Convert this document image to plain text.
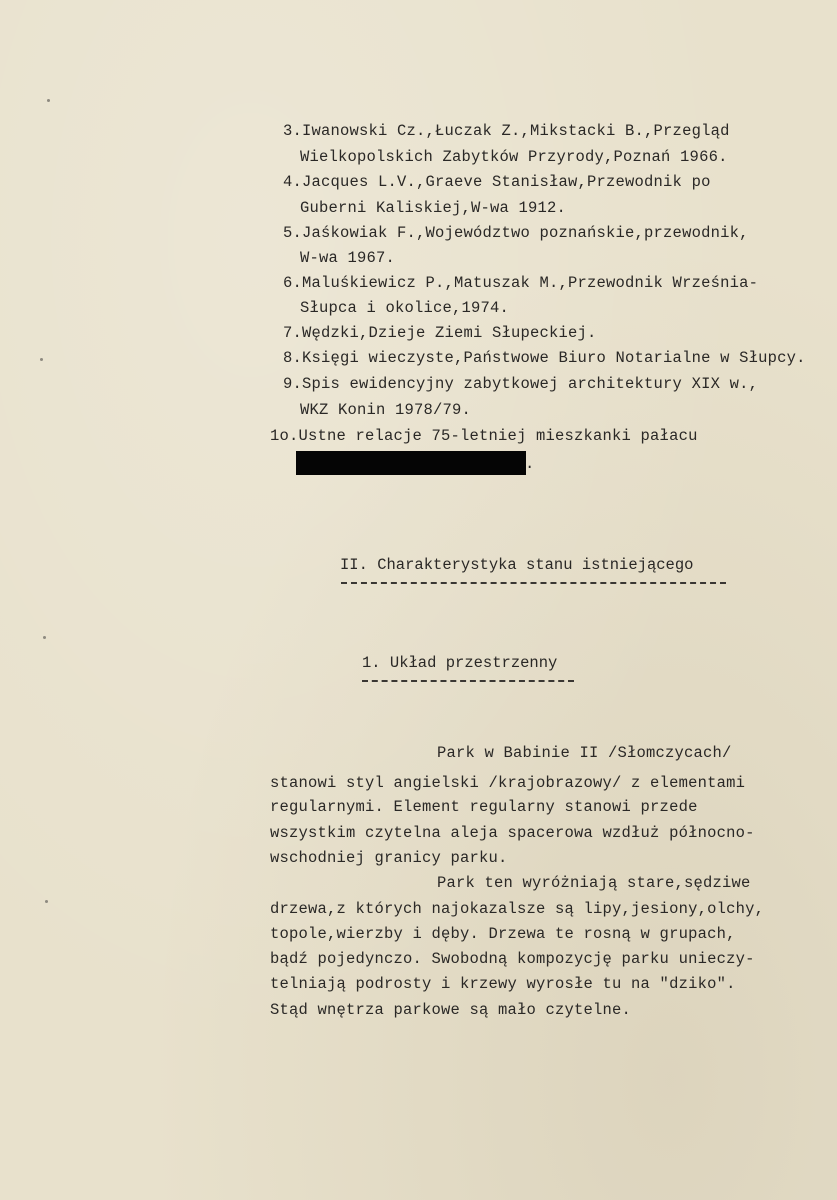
3.Iwanowski Cz.,Łuczak Z.,Mikstacki B.,Przegląd
Wielkopolskich Zabytków Przyrody,Poznań 1966.
4.Jacques L.V.,Graeve Stanisław,Przewodnik po
Guberni Kaliskiej,W-wa 1912.
5.Jaśkowiak F.,Województwo poznańskie,przewodnik,
W-wa 1967.
6.Maluśkiewicz P.,Matuszak M.,Przewodnik Września-
Słupca i okolice,1974.
7.Wędzki,Dzieje Ziemi Słupeckiej.
8.Księgi wieczyste,Państwowe Biuro Notarialne w Słupcy.
9.Spis ewidencyjny zabytkowej architektury XIX w.,
WKZ Konin 1978/79.
1o.Ustne relacje 75-letniej mieszkanki pałacu
.
II. Charakterystyka stanu istniejącego
1. Układ przestrzenny
Park w Babinie II /Słomczycach/
stanowi styl angielski /krajobrazowy/ z elementami
regularnymi. Element regularny stanowi przede
wszystkim czytelna aleja spacerowa wzdłuż północno-
wschodniej granicy parku.
Park ten wyróżniają stare,sędziwe
drzewa,z których najokazalsze są lipy,jesiony,olchy,
topole,wierzby i dęby. Drzewa te rosną w grupach,
bądź pojedynczo. Swobodną kompozycję parku unieczy-
telniają podrosty i krzewy wyrosłe tu na "dziko".
Stąd wnętrza parkowe są mało czytelne.
